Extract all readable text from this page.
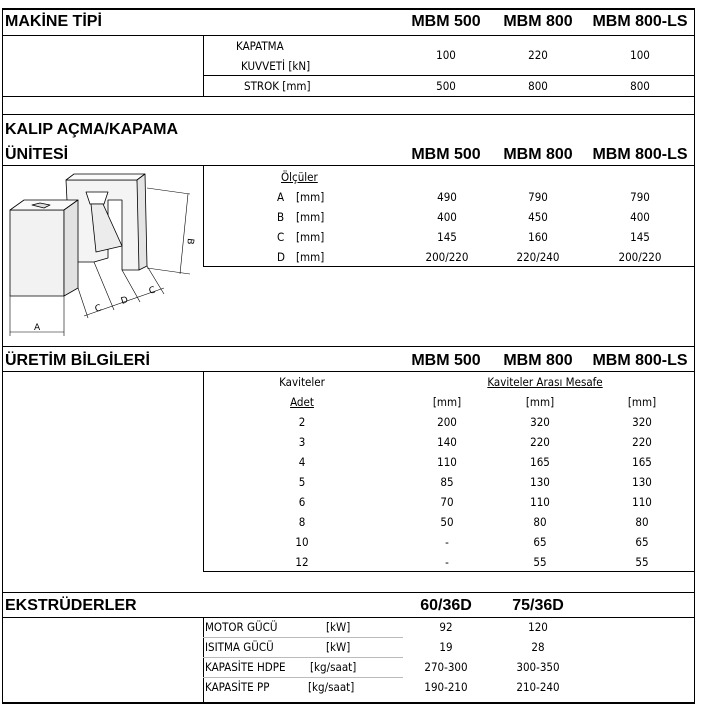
MAKİNE TİPİ	MBM 500	MBM 800	MBM 800-LS
KAPATMA
KUVVETİ [kN]
100	220	100
STROK [mm]	500	800	800
KALIP AÇMA/KAPAMA
ÜNİTESİ	MBM 500	MBM 800	MBM 800-LS
Ölçüler
A [mm]	490	790	790
B [mm]	400	450	400
C [mm]	145	160	145
D [mm]	200/220	220/240	200/220
A
C
D
C
B
ÜRETİM BİLGİLERİ	MBM 500	MBM 800	MBM 800-LS
Kaviteler
Adet
Kaviteler Arası Mesafe
[mm]	[mm]	[mm]
2	200	320	320
3	140	220	220
4	110	165	165
5	85	130	130
6	70	110	110
8	50	80	80
10	-	65	65
12	-	55	55
EKSTRÜDERLER	60/36D	75/36D
MOTOR GÜCÜ	[kW]	92	120
ISITMA GÜCÜ	[kW]	19	28
KAPASİTE HDPE [kg/saat]	270-300	300-350
KAPASİTE PP	[kg/saat]	190-210	210-240
